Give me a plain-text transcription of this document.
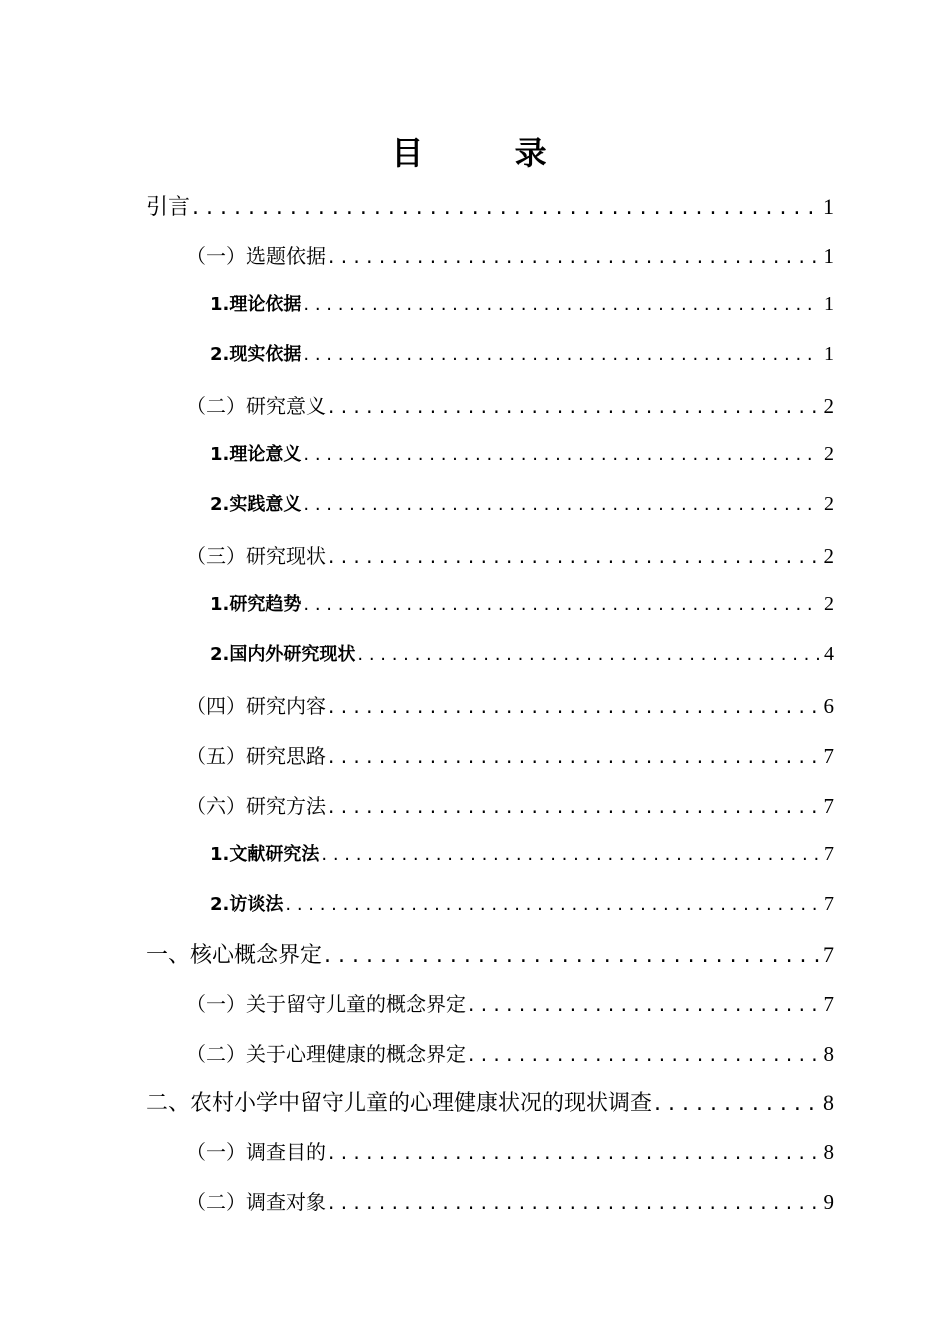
目 录
引言 . . .	1
（一）选题依据 . . .	1
1.理论依据 . . .	1
2.现实依据 . . .	1
（二）研究意义 . . .	2
1.理论意义 . . .	2
2.实践意义 . . .	2
（三）研究现状 . . .	2
1.研究趋势 . . .	2
2.国内外研究现状 . . .	4
（四）研究内容 . . .	6
（五）研究思路 . . .	7
（六）研究方法 . . .	7
1.文献研究法 . . .	7
2.访谈法 . . .	7
一、核心概念界定 . . .	7
（一）关于留守儿童的概念界定 . . .	7
（二）关于心理健康的概念界定 . . .	8
二、农村小学中留守儿童的心理健康状况的现状调查 . . .	8
（一）调查目的 . . .	8
（二）调查对象 . . .	9
